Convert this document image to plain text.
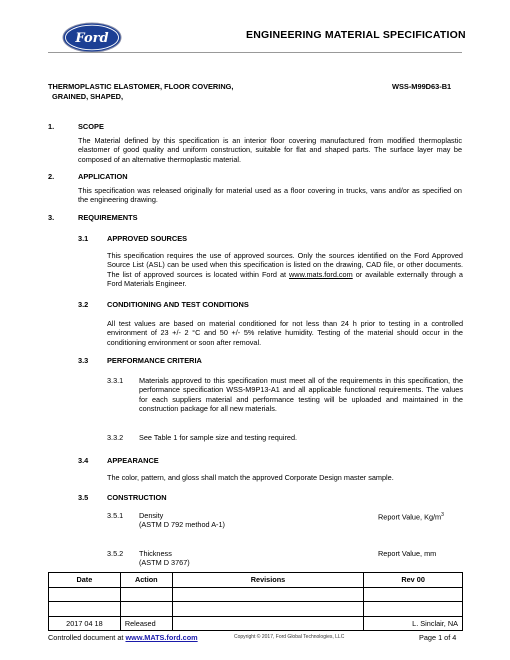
Ford	ENGINEERING MATERIAL SPECIFICATION
THERMOPLASTIC ELASTOMER, FLOOR COVERING,
GRAINED, SHAPED,
WSS-M99D63-B1
1.	SCOPE
The Material defined by this specification is an interior floor covering manufactured from modified thermoplastic elastomer of good quality and uniform construction, suitable for flat and shaped parts. The surface layer may be composed of an alternative thermoplastic material.
2.	APPLICATION
This specification was released originally for material used as a floor covering in trucks, vans and/or as specified on the engineering drawing.
3.	REQUIREMENTS
3.1	APPROVED SOURCES
This specification requires the use of approved sources. Only the sources identified on the Ford Approved Source List (ASL) can be used when this specification is listed on the drawing, CAD file, or other documents. The list of approved sources is located within Ford at www.mats.ford.com or available externally through a Ford Materials Engineer.
3.2	CONDITIONING AND TEST CONDITIONS
All test values are based on material conditioned for not less than 24 h prior to testing in a controlled environment of 23 +/- 2 °C and 50 +/- 5% relative humidity. Testing of the material should occur in the conditioning environment or soon after removal.
3.3	PERFORMANCE CRITERIA
3.3.1 Materials approved to this specification must meet all of the requirements in this specification, the performance specification WSS-M9P13-A1 and all applicable functional requirements. The values for each suppliers material and performance testing will be uploaded and maintained in the construction package for all new materials.
3.3.2 See Table 1 for sample size and testing required.
3.4	APPEARANCE
The color, pattern, and gloss shall match the approved Corporate Design master sample.
3.5	CONSTRUCTION
3.5.1 Density
(ASTM D 792 method A-1)
Report Value, $Kg/m^3$
3.5.2 Thickness
(ASTM D 3767)
Report Value, mm
Date	Action	Revisions	Rev 00

2017 04 18	Released		L. Sinclair, NA
Controlled document at www.MATS.ford.com	Copyright © 2017, Ford Global Technologies, LLC	Page 1 of 4
